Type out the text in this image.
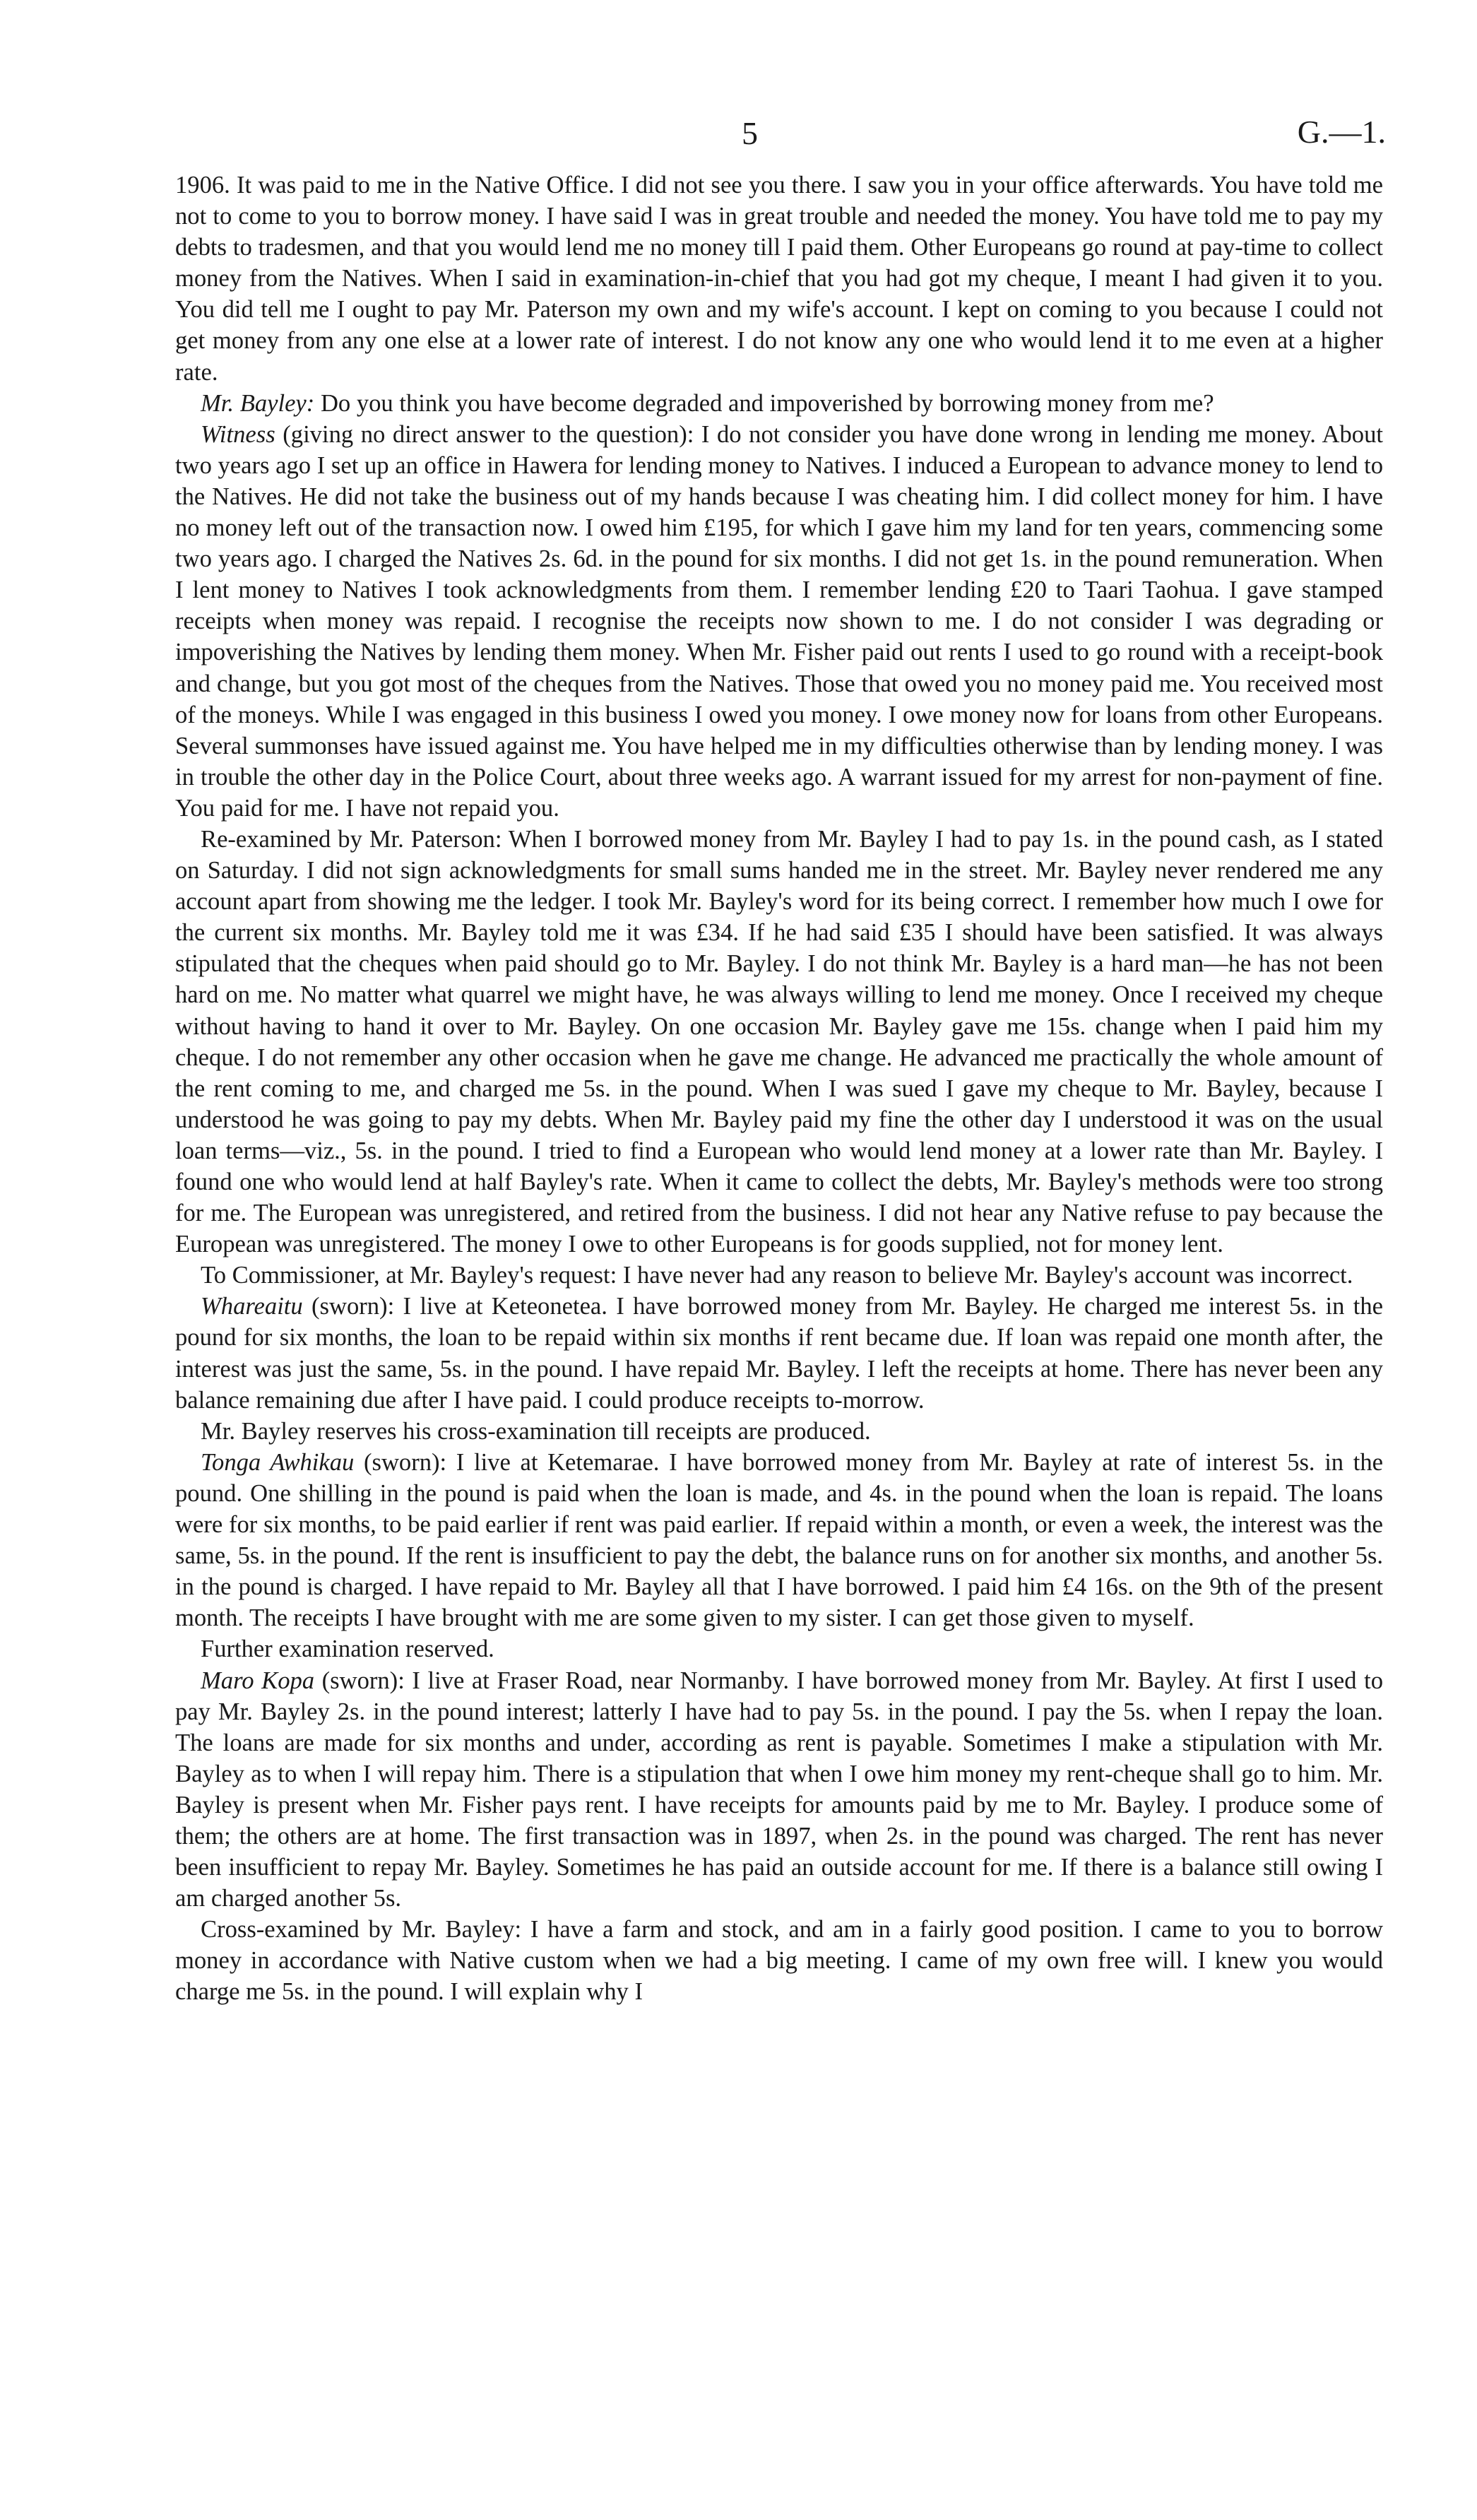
5	G.—1.

1906. It was paid to me in the Native Office. I did not see you there. I saw you in your office afterwards. You have told me not to come to you to borrow money. I have said I was in great trouble and needed the money. You have told me to pay my debts to tradesmen, and that you would lend me no money till I paid them. Other Europeans go round at pay-time to collect money from the Natives. When I said in examination-in-chief that you had got my cheque, I meant I had given it to you. You did tell me I ought to pay Mr. Paterson my own and my wife's account. I kept on coming to you because I could not get money from any one else at a lower rate of interest. I do not know any one who would lend it to me even at a higher rate.

Mr. Bayley: Do you think you have become degraded and impoverished by borrowing money from me?

Witness (giving no direct answer to the question): I do not consider you have done wrong in lending me money. About two years ago I set up an office in Hawera for lending money to Natives. I induced a European to advance money to lend to the Natives. He did not take the business out of my hands because I was cheating him. I did collect money for him. I have no money left out of the transaction now. I owed him £195, for which I gave him my land for ten years, commencing some two years ago. I charged the Natives 2s. 6d. in the pound for six months. I did not get 1s. in the pound remuneration. When I lent money to Natives I took acknowledgments from them. I remember lending £20 to Taari Taohua. I gave stamped receipts when money was repaid. I recognise the receipts now shown to me. I do not consider I was degrading or impoverishing the Natives by lending them money. When Mr. Fisher paid out rents I used to go round with a receipt-book and change, but you got most of the cheques from the Natives. Those that owed you no money paid me. You received most of the moneys. While I was engaged in this business I owed you money. I owe money now for loans from other Europeans. Several summonses have issued against me. You have helped me in my difficulties otherwise than by lending money. I was in trouble the other day in the Police Court, about three weeks ago. A warrant issued for my arrest for non-payment of fine. You paid for me. I have not repaid you.

Re-examined by Mr. Paterson: When I borrowed money from Mr. Bayley I had to pay 1s. in the pound cash, as I stated on Saturday. I did not sign acknowledgments for small sums handed me in the street. Mr. Bayley never rendered me any account apart from showing me the ledger. I took Mr. Bayley's word for its being correct. I remember how much I owe for the current six months. Mr. Bayley told me it was £34. If he had said £35 I should have been satisfied. It was always stipulated that the cheques when paid should go to Mr. Bayley. I do not think Mr. Bayley is a hard man—he has not been hard on me. No matter what quarrel we might have, he was always willing to lend me money. Once I received my cheque without having to hand it over to Mr. Bayley. On one occasion Mr. Bayley gave me 15s. change when I paid him my cheque. I do not remember any other occasion when he gave me change. He advanced me practically the whole amount of the rent coming to me, and charged me 5s. in the pound. When I was sued I gave my cheque to Mr. Bayley, because I understood he was going to pay my debts. When Mr. Bayley paid my fine the other day I understood it was on the usual loan terms—viz., 5s. in the pound. I tried to find a European who would lend money at a lower rate than Mr. Bayley. I found one who would lend at half Bayley's rate. When it came to collect the debts, Mr. Bayley's methods were too strong for me. The European was unregistered, and retired from the business. I did not hear any Native refuse to pay because the European was unregistered. The money I owe to other Europeans is for goods supplied, not for money lent.

To Commissioner, at Mr. Bayley's request: I have never had any reason to believe Mr. Bayley's account was incorrect.

Whareaitu (sworn): I live at Keteonetea. I have borrowed money from Mr. Bayley. He charged me interest 5s. in the pound for six months, the loan to be repaid within six months if rent became due. If loan was repaid one month after, the interest was just the same, 5s. in the pound. I have repaid Mr. Bayley. I left the receipts at home. There has never been any balance remaining due after I have paid. I could produce receipts to-morrow.

Mr. Bayley reserves his cross-examination till receipts are produced.

Tonga Awhikau (sworn): I live at Ketemarae. I have borrowed money from Mr. Bayley at rate of interest 5s. in the pound. One shilling in the pound is paid when the loan is made, and 4s. in the pound when the loan is repaid. The loans were for six months, to be paid earlier if rent was paid earlier. If repaid within a month, or even a week, the interest was the same, 5s. in the pound. If the rent is insufficient to pay the debt, the balance runs on for another six months, and another 5s. in the pound is charged. I have repaid to Mr. Bayley all that I have borrowed. I paid him £4 16s. on the 9th of the present month. The receipts I have brought with me are some given to my sister. I can get those given to myself.

Further examination reserved.

Maro Kopa (sworn): I live at Fraser Road, near Normanby. I have borrowed money from Mr. Bayley. At first I used to pay Mr. Bayley 2s. in the pound interest; latterly I have had to pay 5s. in the pound. I pay the 5s. when I repay the loan. The loans are made for six months and under, according as rent is payable. Sometimes I make a stipulation with Mr. Bayley as to when I will repay him. There is a stipulation that when I owe him money my rent-cheque shall go to him. Mr. Bayley is present when Mr. Fisher pays rent. I have receipts for amounts paid by me to Mr. Bayley. I produce some of them; the others are at home. The first transaction was in 1897, when 2s. in the pound was charged. The rent has never been insufficient to repay Mr. Bayley. Sometimes he has paid an outside account for me. If there is a balance still owing I am charged another 5s.

Cross-examined by Mr. Bayley: I have a farm and stock, and am in a fairly good position. I came to you to borrow money in accordance with Native custom when we had a big meeting. I came of my own free will. I knew you would charge me 5s. in the pound. I will explain why I
